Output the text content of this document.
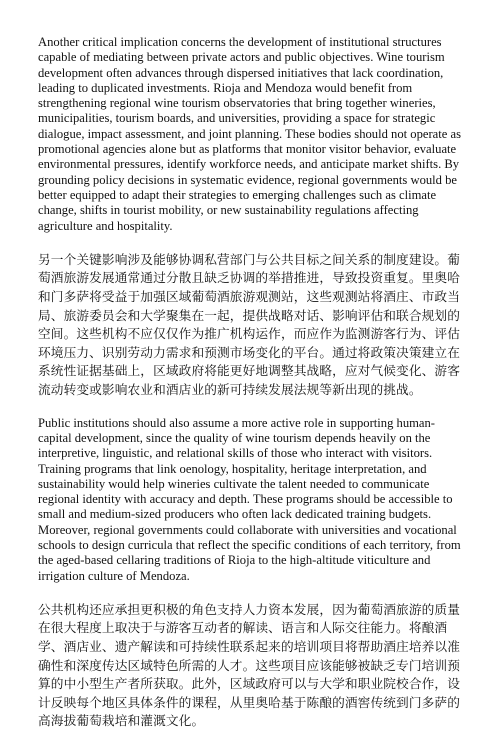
Another critical implication concerns the development of institutional structures capable of mediating between private actors and public objectives. Wine tourism development often advances through dispersed initiatives that lack coordination, leading to duplicated investments. Rioja and Mendoza would benefit from strengthening regional wine tourism observatories that bring together wineries, municipalities, tourism boards, and universities, providing a space for strategic dialogue, impact assessment, and joint planning. These bodies should not operate as promotional agencies alone but as platforms that monitor visitor behavior, evaluate environmental pressures, identify workforce needs, and anticipate market shifts. By grounding policy decisions in systematic evidence, regional governments would be better equipped to adapt their strategies to emerging challenges such as climate change, shifts in tourist mobility, or new sustainability regulations affecting agriculture and hospitality.

另一个关键影响涉及能够协调私营部门与公共目标之间关系的制度建设。葡萄酒旅游发展通常通过分散且缺乏协调的举措推进，导致投资重复。里奥哈和门多萨将受益于加强区域葡萄酒旅游观测站，这些观测站将酒庄、市政当局、旅游委员会和大学聚集在一起，提供战略对话、影响评估和联合规划的空间。这些机构不应仅仅作为推广机构运作，而应作为监测游客行为、评估环境压力、识别劳动力需求和预测市场变化的平台。通过将政策决策建立在系统性证据基础上，区域政府将能更好地调整其战略，应对气候变化、游客流动转变或影响农业和酒店业的新可持续发展法规等新出现的挑战。

Public institutions should also assume a more active role in supporting human-capital development, since the quality of wine tourism depends heavily on the interpretive, linguistic, and relational skills of those who interact with visitors. Training programs that link oenology, hospitality, heritage interpretation, and sustainability would help wineries cultivate the talent needed to communicate regional identity with accuracy and depth. These programs should be accessible to small and medium-sized producers who often lack dedicated training budgets. Moreover, regional governments could collaborate with universities and vocational schools to design curricula that reflect the specific conditions of each territory, from the aged-based cellaring traditions of Rioja to the high-altitude viticulture and irrigation culture of Mendoza.

公共机构还应承担更积极的角色支持人力资本发展，因为葡萄酒旅游的质量在很大程度上取决于与游客互动者的解读、语言和人际交往能力。将酿酒学、酒店业、遗产解读和可持续性联系起来的培训项目将帮助酒庄培养以准确性和深度传达区域特色所需的人才。这些项目应该能够被缺乏专门培训预算的中小型生产者所获取。此外，区域政府可以与大学和职业院校合作，设计反映每个地区具体条件的课程，从里奥哈基于陈酿的酒窖传统到门多萨的高海拔葡萄栽培和灌溉文化。
